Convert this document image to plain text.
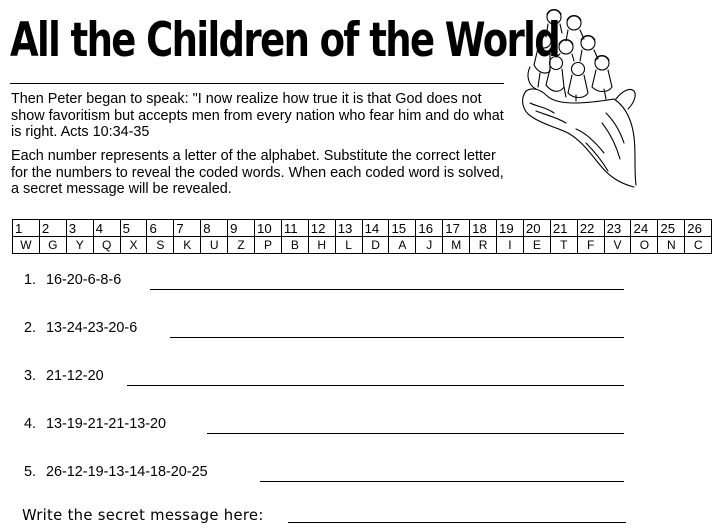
All the Children of the World

Then Peter began to speak: "I now realize how true it is that God does not show favoritism but accepts men from every nation who fear him and do what is right. Acts 10:34-35

Each number represents a letter of the alphabet. Substitute the correct letter for the numbers to reveal the coded words. When each coded word is solved, a secret message will be revealed.

1	2	3	4	5	6	7	8	9	10	11	12	13	14	15	16	17	18	19	20	21	22	23	24	25	26
W	G	Y	Q	X	S	K	U	Z	P	B	H	L	D	A	J	M	R	I	E	T	F	V	O	N	C
1. 16-20-6-8-6
2. 13-24-23-20-6
3. 21-12-20
4. 13-19-21-21-13-20
5. 26-12-19-13-14-18-20-25
Write the secret message here:
